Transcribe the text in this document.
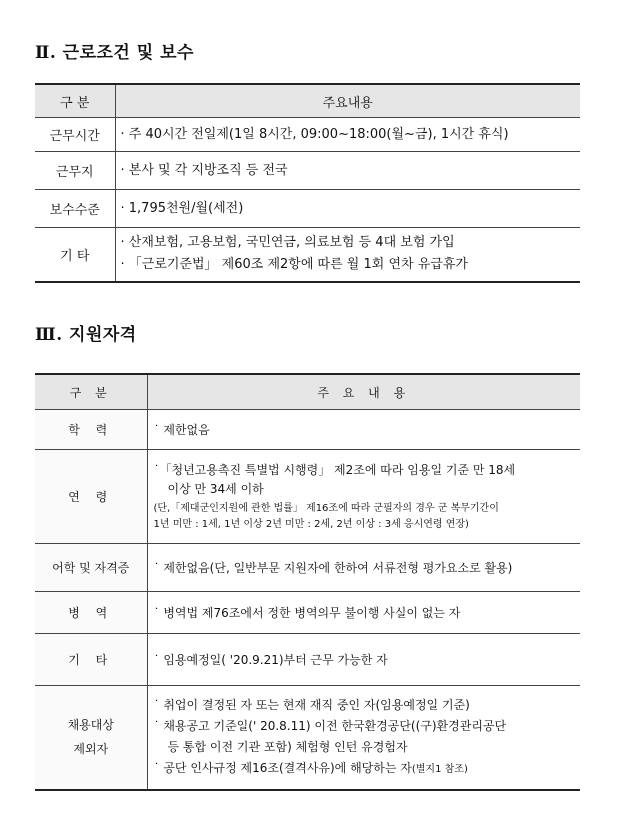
Ⅱ. 근로조건 및 보수
구 분	주요내용
근무시간	· 주 40시간 전일제(1일 8시간, 09:00~18:00(월~금), 1시간 휴식)

근무지	· 본사 및 각 지방조직 등 전국

보수수준	· 1,795천원/월(세전)

기 타	· 산재보험, 고용보험, 국민연금, 의료보험 등 4대 보험 가입
· 「근로기준법」 제60조 제2항에 따른 월 1회 연차 유급휴가
Ⅲ. 지원자격
구 분	주 요 내 용
학 력	˙ 제한없음

연 령	˙「청년고용촉진 특별법 시행령」 제2조에 따라 임용일 기준 만 18세
이상 만 34세 이하
(단,「제대군인지원에 관한 법률」 제16조에 따라 군필자의 경우 군 복무기간이
1년 미만 : 1세, 1년 이상 2년 미만 : 2세, 2년 이상 : 3세 응시연령 연장)

어학 및 자격증	˙ 제한없음(단, 일반부문 지원자에 한하여 서류전형 평가요소로 활용)

병 역	˙ 병역법 제76조에서 정한 병역의무 불이행 사실이 없는 자

기 타	˙ 임용예정일( '20.9.21)부터 근무 가능한 자

채용대상
제외자	˙ 취업이 결정된 자 또는 현재 재직 중인 자(임용예정일 기준)
˙ 채용공고 기준일(' 20.8.11) 이전 한국환경공단((구)환경관리공단
등 통합 이전 기관 포함) 체험형 인턴 유경험자
˙ 공단 인사규정 제16조(결격사유)에 해당하는 자(별지1 참조)
